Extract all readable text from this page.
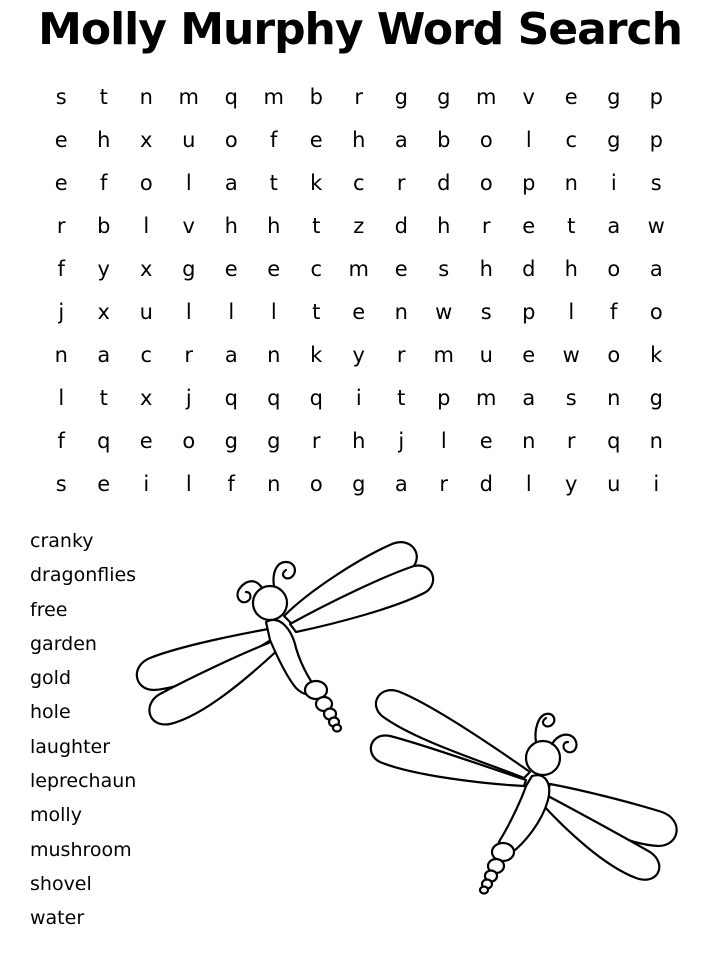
Molly Murphy Word Search
s	t	n	m	q	m	b	r	g	g	m	v	e	g	p
e	h	x	u	o	f	e	h	a	b	o	l	c	g	p
e	f	o	l	a	t	k	c	r	d	o	p	n	i	s
r	b	l	v	h	h	t	z	d	h	r	e	t	a	w
f	y	x	g	e	e	c	m	e	s	h	d	h	o	a
j	x	u	l	l	l	t	e	n	w	s	p	l	f	o
n	a	c	r	a	n	k	y	r	m	u	e	w	o	k
l	t	x	j	q	q	q	i	t	p	m	a	s	n	g
f	q	e	o	g	g	r	h	j	l	e	n	r	q	n
s	e	i	l	f	n	o	g	a	r	d	l	y	u	i
cranky
dragonflies
free
garden
gold
hole
laughter
leprechaun
molly
mushroom
shovel
water
